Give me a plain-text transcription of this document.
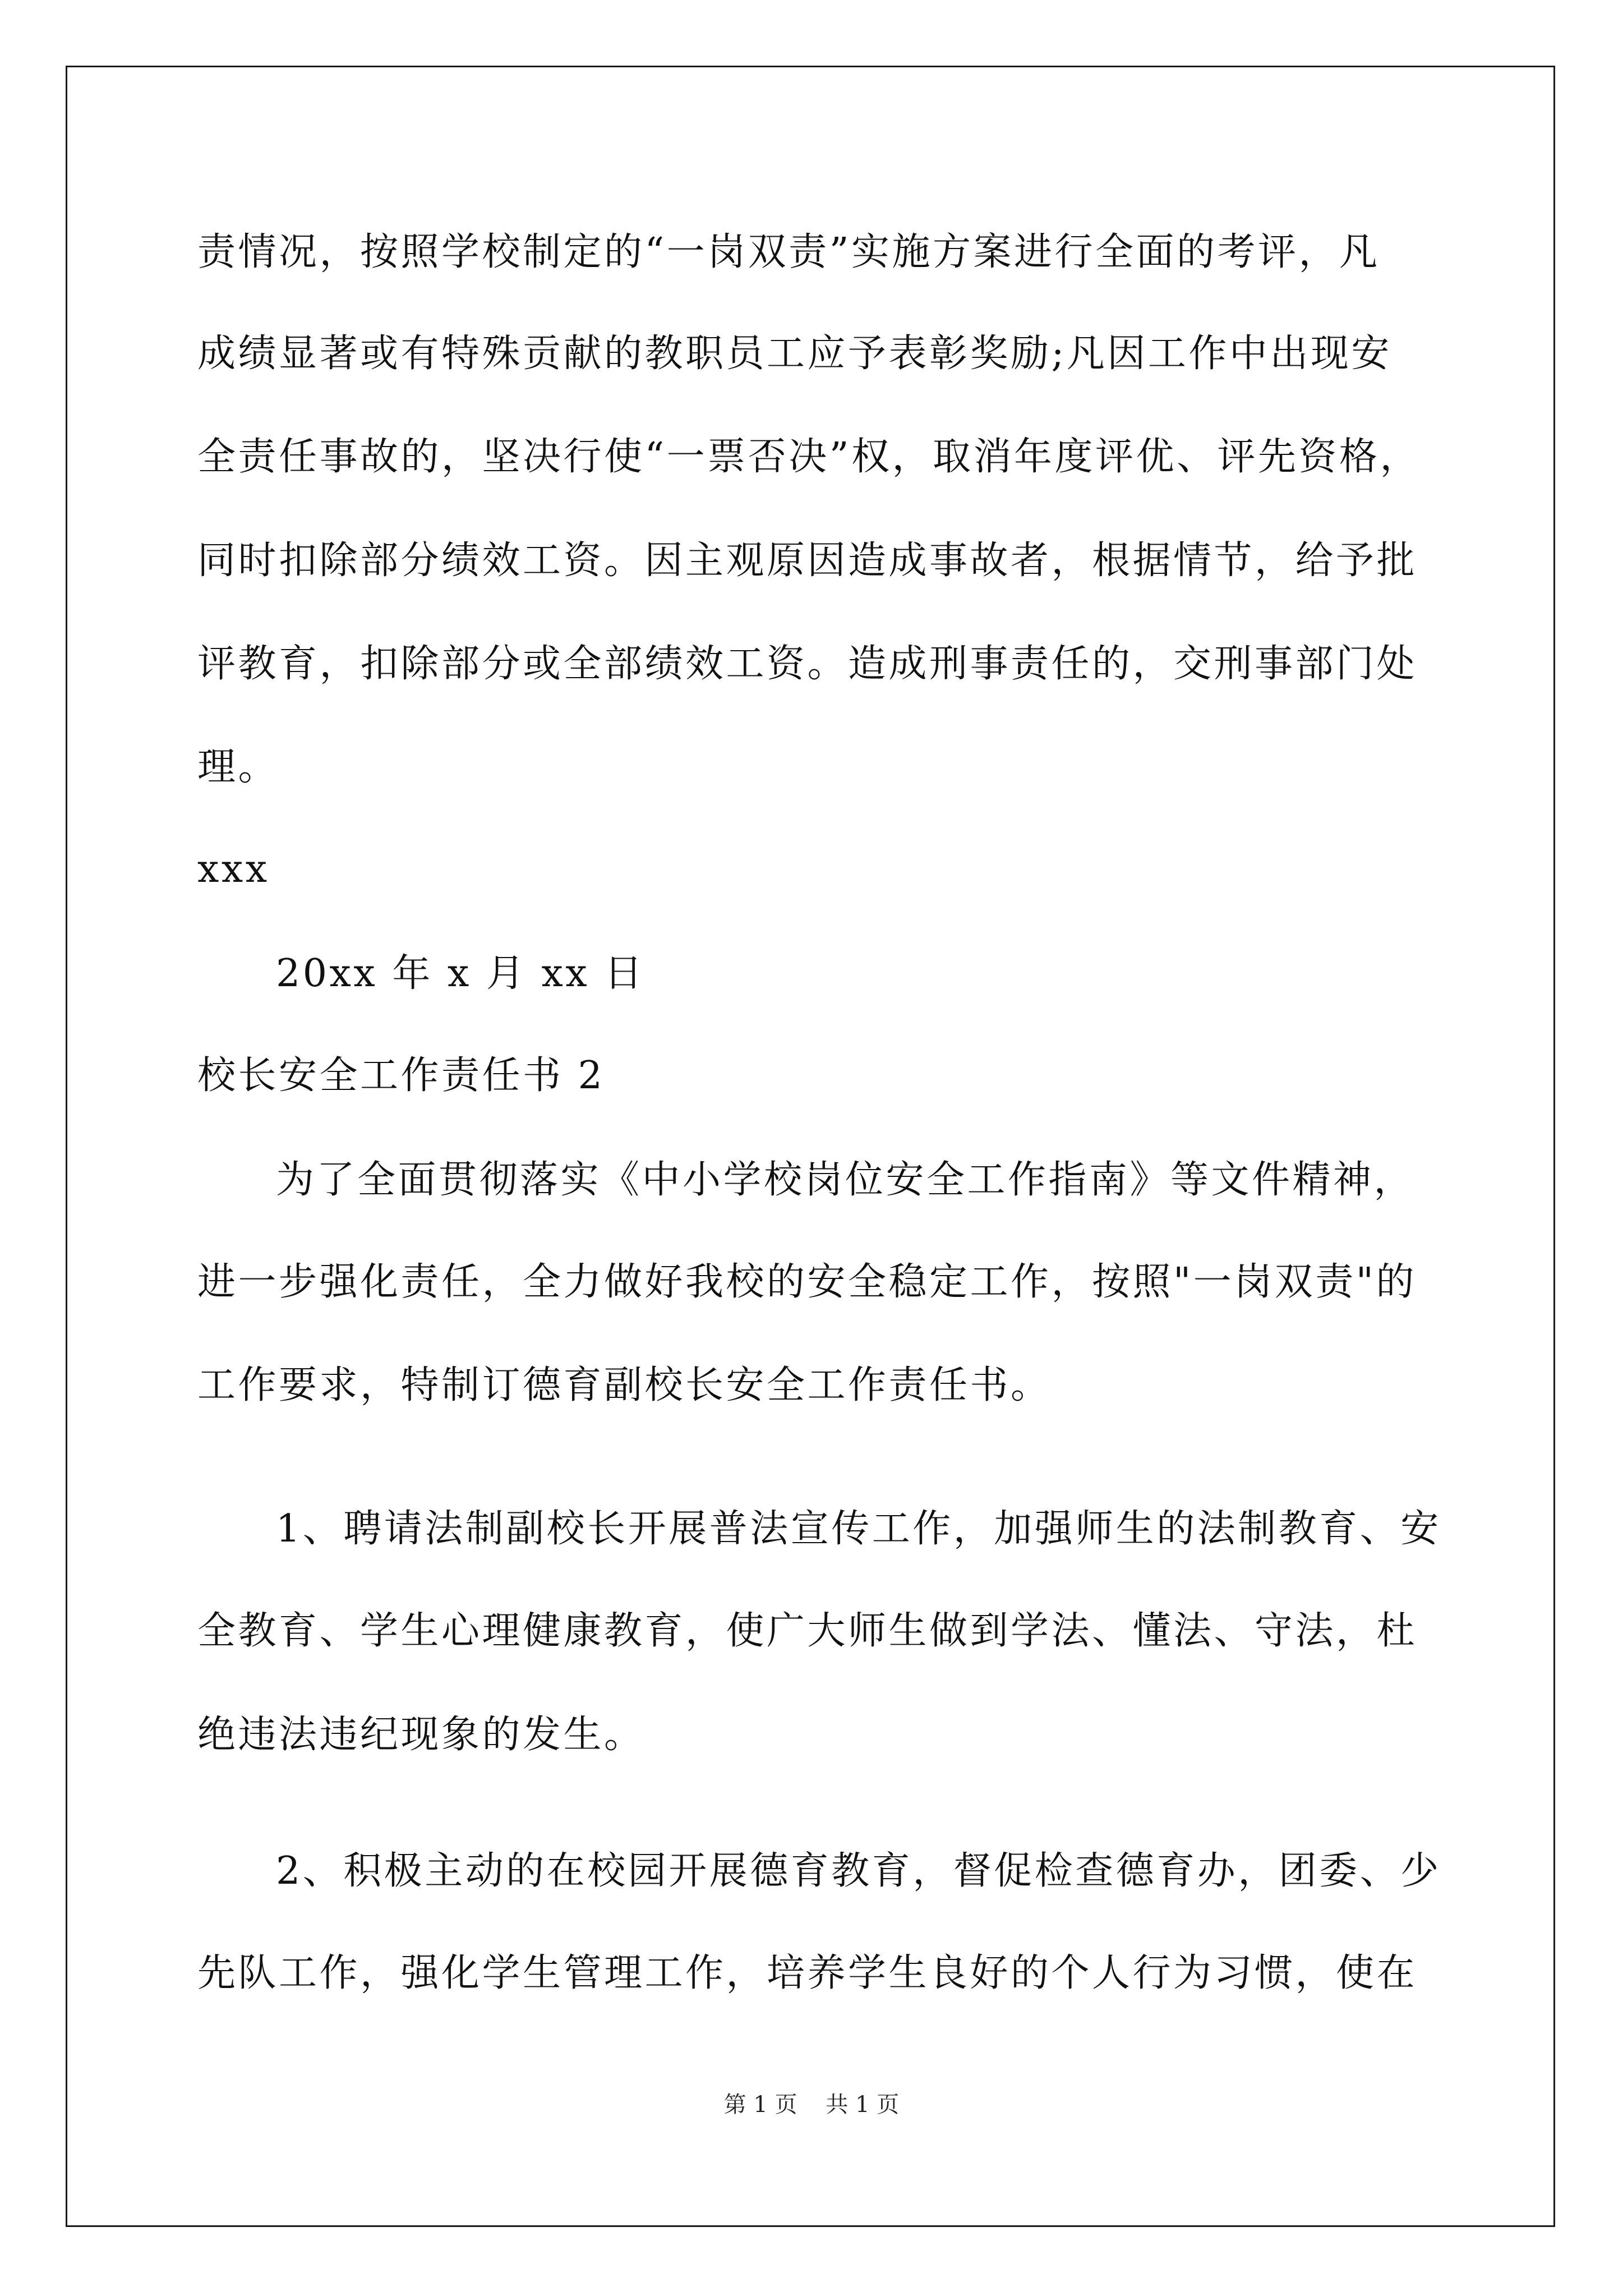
责情况，按照学校制定的“一岗双责”实施方案进行全面的考评，凡

成绩显著或有特殊贡献的教职员工应予表彰奖励;凡因工作中出现安

全责任事故的，坚决行使“一票否决”权，取消年度评优、评先资格，

同时扣除部分绩效工资。因主观原因造成事故者，根据情节，给予批

评教育，扣除部分或全部绩效工资。造成刑事责任的，交刑事部门处

理。

xxx

20xx 年 x 月 xx 日

校长安全工作责任书 2

为了全面贯彻落实《中小学校岗位安全工作指南》等文件精神，

进一步强化责任，全力做好我校的安全稳定工作，按照"一岗双责"的

工作要求，特制订德育副校长安全工作责任书。

1、聘请法制副校长开展普法宣传工作，加强师生的法制教育、安

全教育、学生心理健康教育，使广大师生做到学法、懂法、守法，杜

绝违法违纪现象的发生。

2、积极主动的在校园开展德育教育，督促检查德育办，团委、少

先队工作，强化学生管理工作，培养学生良好的个人行为习惯，使在

第 1 页    共 1 页
